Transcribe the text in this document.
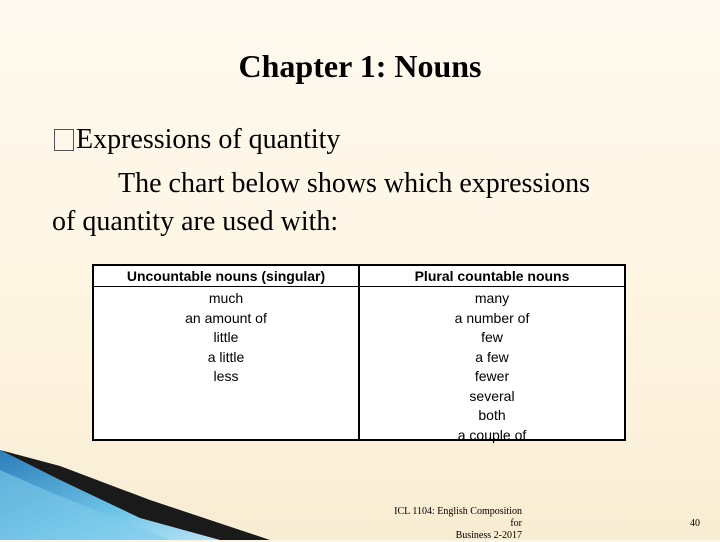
Chapter 1: Nouns
Expressions of quantity
The chart below shows which expressions
of quantity are used with:
Uncountable nouns (singular)
much
an amount of
little
a little
less
Plural countable nouns
many
a number of
few
a few
fewer
several
both
a couple of
ICL 1104: English Composition for
Business 2-2017
40
